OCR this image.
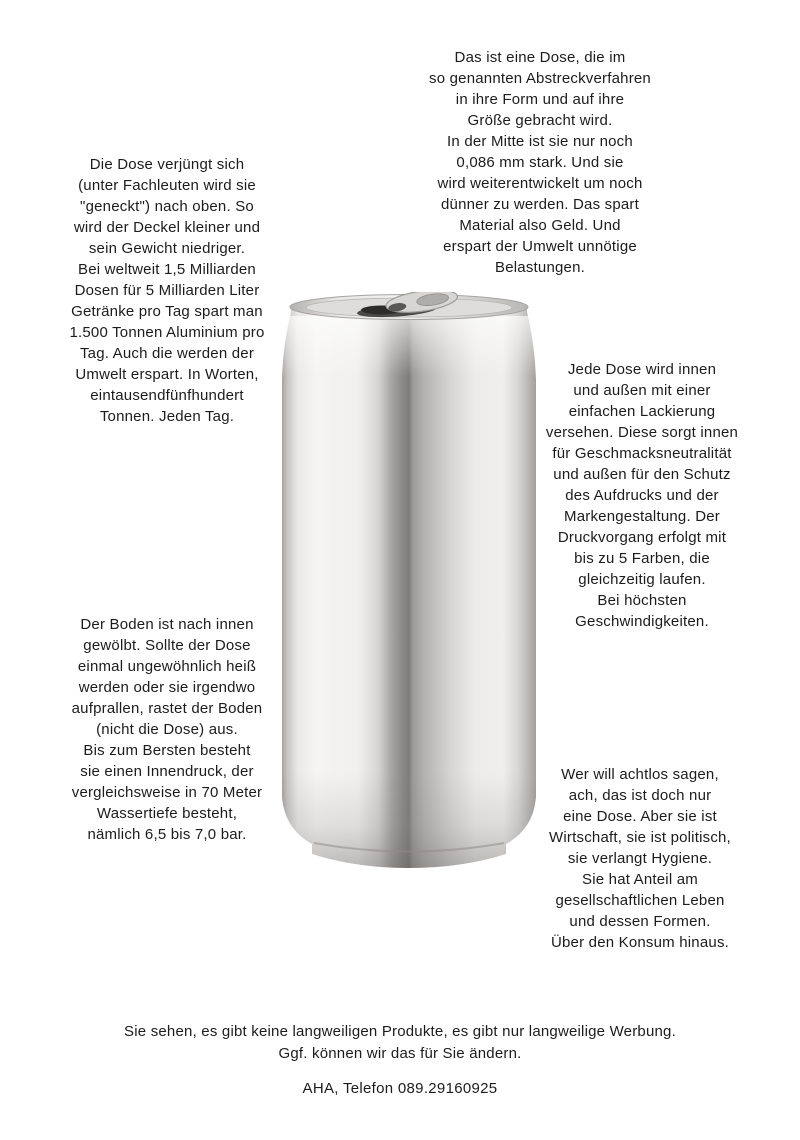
Das ist eine Dose, die im
so genannten Abstreckverfahren
in ihre Form und auf ihre
Größe gebracht wird.
In der Mitte ist sie nur noch
0,086 mm stark. Und sie
wird weiterentwickelt um noch
dünner zu werden. Das spart
Material also Geld. Und
erspart der Umwelt unnötige
Belastungen.
Die Dose verjüngt sich
(unter Fachleuten wird sie
"geneckt") nach oben. So
wird der Deckel kleiner und
sein Gewicht niedriger.
Bei weltweit 1,5 Milliarden
Dosen für 5 Milliarden Liter
Getränke pro Tag spart man
1.500 Tonnen Aluminium pro
Tag. Auch die werden der
Umwelt erspart. In Worten,
eintausendfünfhundert
Tonnen. Jeden Tag.
Jede Dose wird innen
und außen mit einer
einfachen Lackierung
versehen. Diese sorgt innen
für Geschmacksneutralität
und außen für den Schutz
des Aufdrucks und der
Markengestaltung. Der
Druckvorgang erfolgt mit
bis zu 5 Farben, die
gleichzeitig laufen.
Bei höchsten
Geschwindigkeiten.
Der Boden ist nach innen
gewölbt. Sollte der Dose
einmal ungewöhnlich heiß
werden oder sie irgendwo
aufprallen, rastet der Boden
(nicht die Dose) aus.
Bis zum Bersten besteht
sie einen Innendruck, der
vergleichsweise in 70 Meter
Wassertiefe besteht,
nämlich 6,5 bis 7,0 bar.
Wer will achtlos sagen,
ach, das ist doch nur
eine Dose. Aber sie ist
Wirtschaft, sie ist politisch,
sie verlangt Hygiene.
Sie hat Anteil am
gesellschaftlichen Leben
und dessen Formen.
Über den Konsum hinaus.
Sie sehen, es gibt keine langweiligen Produkte, es gibt nur langweilige Werbung.
Ggf. können wir das für Sie ändern.
AHA, Telefon 089.29160925
